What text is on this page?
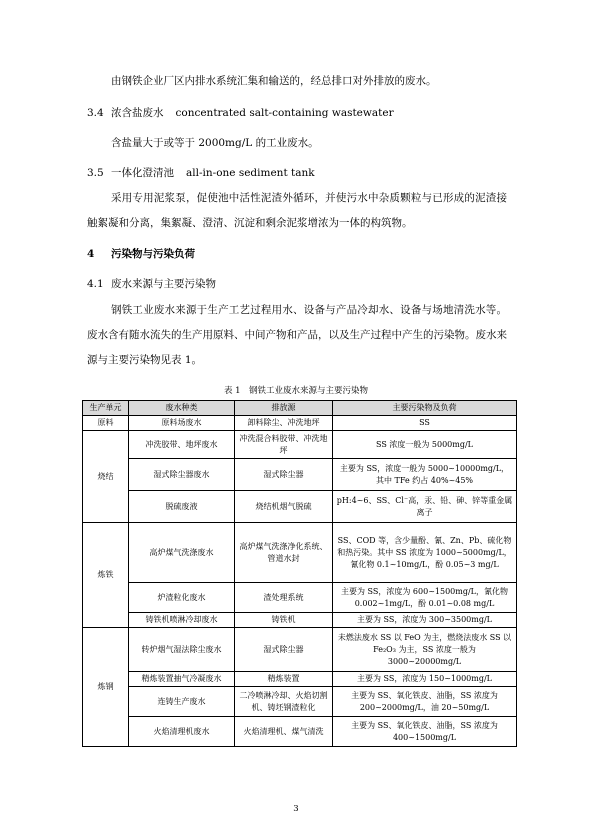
由钢铁企业厂区内排水系统汇集和输送的，经总排口对外排放的废水。
3.4 浓含盐废水 concentrated salt-containing wastewater
含盐量大于或等于 2000mg/L 的工业废水。
3.5 一体化澄清池 all-in-one sediment tank
采用专用泥浆泵，促使池中活性泥渣外循环，并使污水中杂质颗粒与已形成的泥渣接触絮凝和分离，集絮凝、澄清、沉淀和剩余泥浆增浓为一体的构筑物。
4 污染物与污染负荷
4.1 废水来源与主要污染物
钢铁工业废水来源于生产工艺过程用水、设备与产品冷却水、设备与场地清洗水等。废水含有随水流失的生产用原料、中间产物和产品，以及生产过程中产生的污染物。废水来源与主要污染物见表 1。
表 1　钢铁工业废水来源与主要污染物
生产单元	废水种类	排放源	主要污染物及负荷
原料	原料场废水	卸料除尘、冲洗地坪	SS
烧结	冲洗胶带、地坪废水	冲洗混合料胶带、冲洗地坪	SS 浓度一般为 5000mg/L
	湿式除尘器废水	湿式除尘器	主要为 SS，浓度一般为 5000~10000mg/L，其中 TFe 约占 40%~45%
	脱硫废液	烧结机烟气脱硫	pH:4~6、SS、Cl⁻高，汞、铅、砷、锌等重金属离子
炼铁	高炉煤气洗涤废水	高炉煤气洗涤净化系统、管道水封	SS、COD 等，含少量酚、氰、Zn、Pb、硫化物和热污染。其中 SS 浓度为 1000~5000mg/L，氰化物 0.1~10mg/L，酚 0.05~3 mg/L
	炉渣粒化废水	渣处理系统	主要为 SS，浓度为 600~1500mg/L，氰化物 0.002~1mg/L，酚 0.01~0.08 mg/L
	铸铁机喷淋冷却废水	铸铁机	主要为 SS，浓度为 300~3500mg/L
炼钢	转炉烟气湿法除尘废水	湿式除尘器	未燃法废水 SS 以 FeO 为主，燃烧法废水 SS 以 Fe₂O₃ 为主，SS 浓度一般为 3000~20000mg/L
	精炼装置抽气冷凝废水	精炼装置	主要为 SS，浓度为 150~1000mg/L
	连铸生产废水	二冷喷淋冷却、火焰切割机、铸坯钢渣粒化	主要为 SS、氧化铁皮、油脂，SS 浓度为 200~2000mg/L，油 20~50mg/L
	火焰清理机废水	火焰清理机、煤气清洗	主要为 SS、氧化铁皮、油脂，SS 浓度为 400~1500mg/L
3
